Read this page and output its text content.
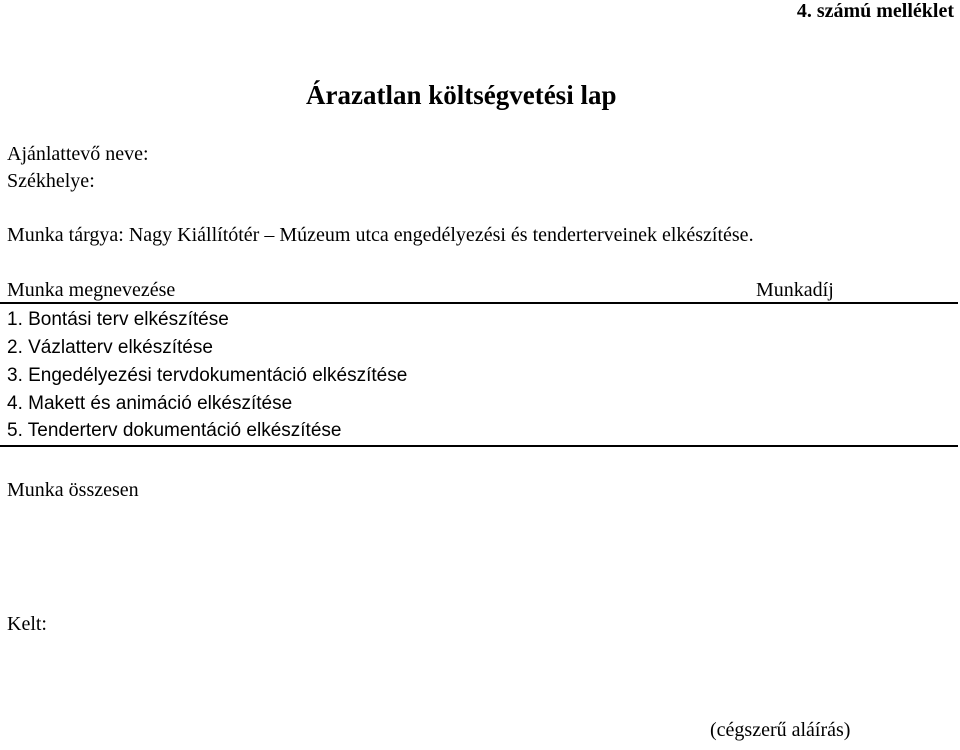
4. számú melléklet
Árazatlan költségvetési lap
Ajánlattevő neve:
Székhelye:
Munka tárgya: Nagy Kiállítótér – Múzeum utca engedélyezési és tenderterveinek elkészítése.
Munka megnevezése	Munkadíj
1. Bontási terv elkészítése
2. Vázlatterv elkészítése
3. Engedélyezési tervdokumentáció elkészítése
4. Makett és animáció elkészítése
5. Tenderterv dokumentáció elkészítése
Munka összesen
Kelt:
(cégszerű aláírás)
